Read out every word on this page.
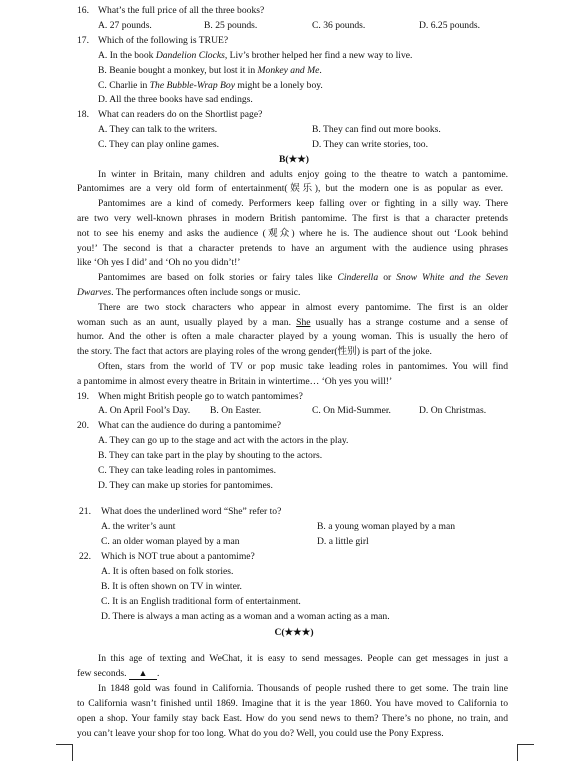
16. What’s the full price of all the three books?
A. 27 pounds.	B. 25 pounds.	C. 36 pounds.	D. 6.25 pounds.
17. Which of the following is TRUE?
A. In the book Dandelion Clocks, Liv’s brother helped her find a new way to live.
B. Beanie bought a monkey, but lost it in Monkey and Me.
C. Charlie in The Bubble-Wrap Boy might be a lonely boy.
D. All the three books have sad endings.
18. What can readers do on the Shortlist page?
A. They can talk to the writers.	B. They can find out more books.
C. They can play online games.	D. They can write stories, too.
B(★★)
In winter in Britain, many children and adults enjoy going to the theatre to watch a pantomime.
Pantomimes are a very old form of entertainment(娱乐), but the modern one is as popular as ever.
Pantomimes are a kind of comedy. Performers keep falling over or fighting in a silly way. There
are two very well-known phrases in modern British pantomime. The first is that a character pretends
not to see his enemy and asks the audience (观众) where he is. The audience shout out ‘Look behind
you!’ The second is that a character pretends to have an argument with the audience using phrases
like ‘Oh yes I did’ and ‘Oh no you didn’t!’
Pantomimes are based on folk stories or fairy tales like Cinderella or Snow White and the Seven
Dwarves. The performances often include songs or music.
There are two stock characters who appear in almost every pantomime. The first is an older
woman such as an aunt, usually played by a man. She usually has a strange costume and a sense of
humor. And the other is often a male character played by a young woman. This is usually the hero of
the story. The fact that actors are playing roles of the wrong gender(性别) is part of the joke.
Often, stars from the world of TV or pop music take leading roles in pantomimes. You will find
a pantomime in almost every theatre in Britain in wintertime… ‘Oh yes you will!’
19. When might British people go to watch pantomimes?
A. On April Fool’s Day. B. On Easter.	C. On Mid-Summer.	D. On Christmas.
20. What can the audience do during a pantomime?
A. They can go up to the stage and act with the actors in the play.
B. They can take part in the play by shouting to the actors.
C. They can take leading roles in pantomimes.
D. They can make up stories for pantomimes.
21. What does the underlined word “She” refer to?
A. the writer’s aunt	B. a young woman played by a man
C. an older woman played by a man	D. a little girl
22. Which is NOT true about a pantomime?
A. It is often based on folk stories.
B. It is often shown on TV in winter.
C. It is an English traditional form of entertainment.
D. There is always a man acting as a woman and a woman acting as a man.
C(★★★)
In this age of texting and WeChat, it is easy to send messages. People can get messages in just a
few seconds. ▲ .
In 1848 gold was found in California. Thousands of people rushed there to get some. The train line
to California wasn’t finished until 1869. Imagine that it is the year 1860. You have moved to California to
open a shop. Your family stay back East. How do you send news to them? There’s no phone, no train, and
you can’t leave your shop for too long. What do you do? Well, you could use the Pony Express.
